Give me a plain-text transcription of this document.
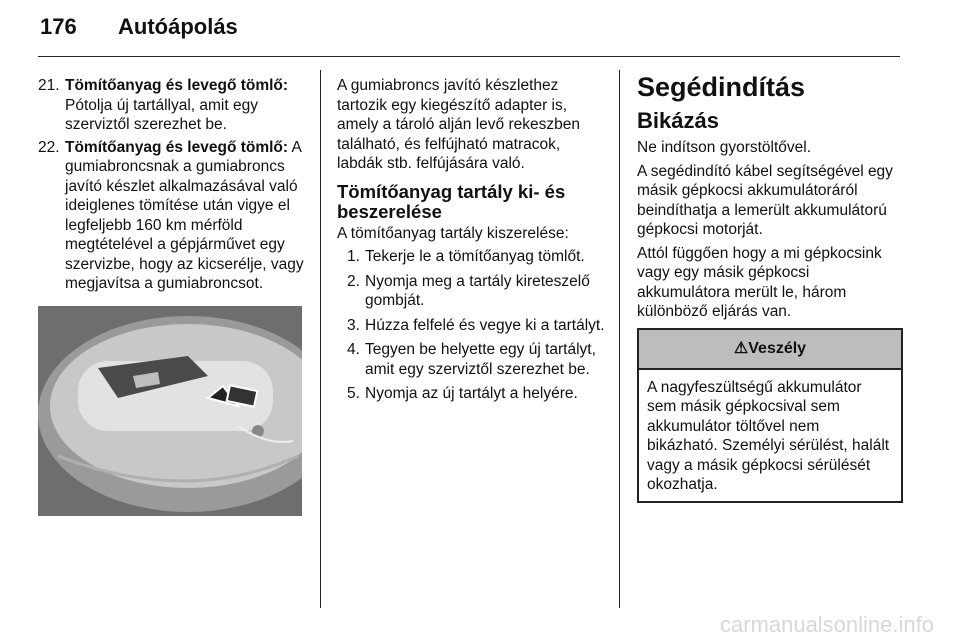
176 Autóápolás
21. Tömítőanyag és levegő tömlő: Pótolja új tartállyal, amit egy szerviztől szerezhet be.
22. Tömítőanyag és levegő tömlő: A gumiabroncsnak a gumiabroncs javító készlet alkalmazásával való ideiglenes tömítése után vigye el legfeljebb 160 km mérföld megtételével a gépjárművet egy szervizbe, hogy az kicserélje, vagy megjavítsa a gumiabroncsot.

A gumiabroncs javító készlethez tartozik egy kiegészítő adapter is, amely a tároló alján levő rekeszben található, és felfújható matracok, labdák stb. felfújására való.

Tömítőanyag tartály ki- és beszerelése

A tömítőanyag tartály kiszerelése:

1. Tekerje le a tömítőanyag tömlőt.
2. Nyomja meg a tartály kireteszelő gombját.
3. Húzza felfelé és vegye ki a tartályt.
4. Tegyen be helyette egy új tartályt, amit egy szerviztől szerezhet be.
5. Nyomja az új tartályt a helyére.
Segédindítás
Bikázás

Ne indítson gyorstöltővel.

A segédindító kábel segítségével egy másik gépkocsi akkumulátoráról beindíthatja a lemerült akkumulátorú gépkocsi motorját.

Attól függően hogy a mi gépkocsink vagy egy másik gépkocsi akkumulátora merült le, három különböző eljárás van.

⚠Veszély
A nagyfeszültségű akkumulátor sem másik gépkocsival sem akkumulátor töltővel nem bikázható. Személyi sérülést, halált vagy a másik gépkocsi sérülését okozhatja.
carmanualsonline.info
